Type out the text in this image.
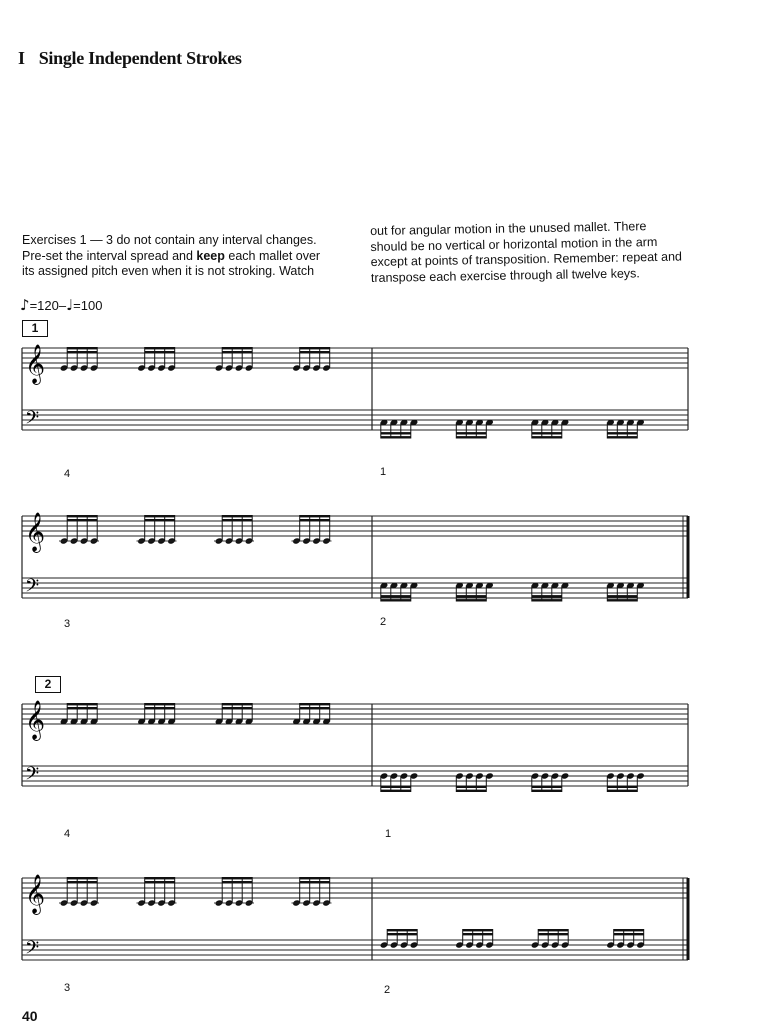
I Single Independent Strokes
Exercises 1 — 3 do not contain any interval changes.
Pre-set the interval spread and keep each mallet over
its assigned pitch even when it is not stroking. Watch
out for angular motion in the unused mallet. There
should be no vertical or horizontal motion in the arm
except at points of transposition. Remember: repeat and
transpose each exercise through all twelve keys.
♪=120–♩=100
1
2
𝄞
𝄢
4	1
𝄞
𝄢
3	2
𝄞
𝄢
4	1
𝄞
𝄢
3	2
40
